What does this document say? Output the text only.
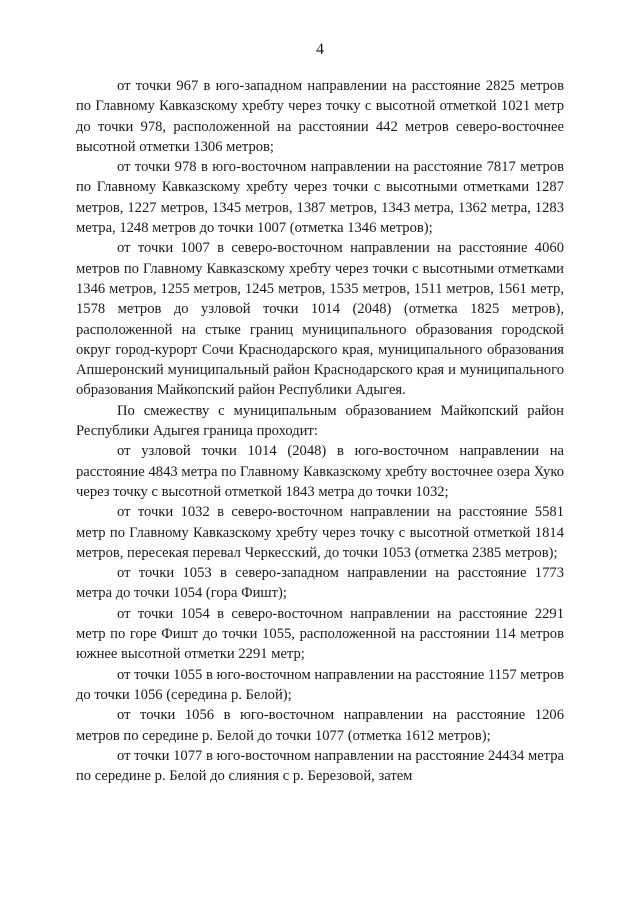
4

от точки 967 в юго-западном направлении на расстояние 2825 метров по Главному Кавказскому хребту через точку с высотной отметкой 1021 метр до точки 978, расположенной на расстоянии 442 метров северо-восточнее высотной отметки 1306 метров;

от точки 978 в юго-восточном направлении на расстояние 7817 метров по Главному Кавказскому хребту через точки с высотными отметками 1287 метров, 1227 метров, 1345 метров, 1387 метров, 1343 метра, 1362 метра, 1283 метра, 1248 метров до точки 1007 (отметка 1346 метров);

от точки 1007 в северо-восточном направлении на расстояние 4060 метров по Главному Кавказскому хребту через точки с высотными отметками 1346 метров, 1255 метров, 1245 метров, 1535 метров, 1511 метров, 1561 метр, 1578 метров до узловой точки 1014 (2048) (отметка 1825 метров), расположенной на стыке границ муниципального образования городской округ город-курорт Сочи Краснодарского края, муниципального образования Апшеронский муниципальный район Краснодарского края и муниципального образования Майкопский район Республики Адыгея.

По смежеству с муниципальным образованием Майкопский район Республики Адыгея граница проходит:

от узловой точки 1014 (2048) в юго-восточном направлении на расстояние 4843 метра по Главному Кавказскому хребту восточнее озера Хуко через точку с высотной отметкой 1843 метра до точки 1032;

от точки 1032 в северо-восточном направлении на расстояние 5581 метр по Главному Кавказскому хребту через точку с высотной отметкой 1814 метров, пересекая перевал Черкесский, до точки 1053 (отметка 2385 метров);

от точки 1053 в северо-западном направлении на расстояние 1773 метра до точки 1054 (гора Фишт);

от точки 1054 в северо-восточном направлении на расстояние 2291 метр по горе Фишт до точки 1055, расположенной на расстоянии 114 метров южнее высотной отметки 2291 метр;

от точки 1055 в юго-восточном направлении на расстояние 1157 метров до точки 1056 (середина р. Белой);

от точки 1056 в юго-восточном направлении на расстояние 1206 метров по середине р. Белой до точки 1077 (отметка 1612 метров);

от точки 1077 в юго-восточном направлении на расстояние 24434 метра по середине р. Белой до слияния с р. Березовой, затем
